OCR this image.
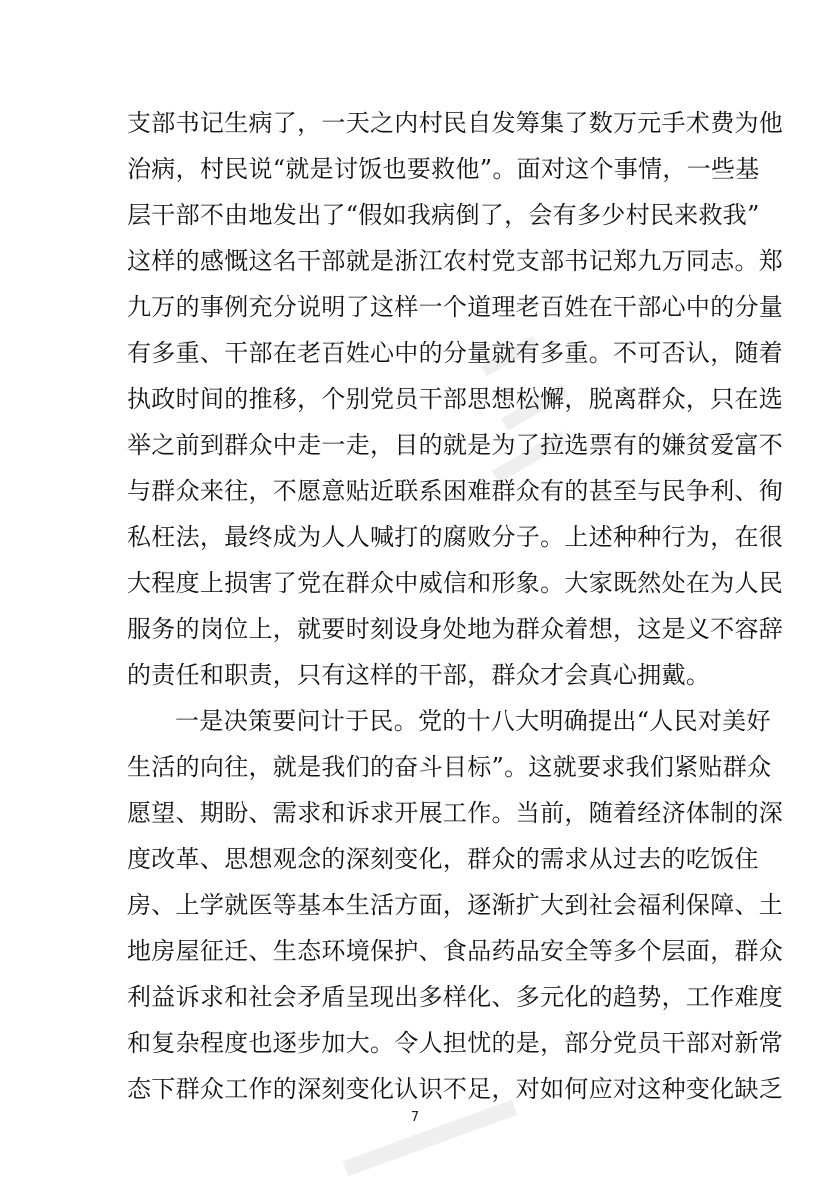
支部书记生病了，一天之内村民自发筹集了数万元手术费为他
治病，村民说“就是讨饭也要救他”。面对这个事情，一些基
层干部不由地发出了“假如我病倒了，会有多少村民来救我”
这样的感慨这名干部就是浙江农村党支部书记郑九万同志。郑
九万的事例充分说明了这样一个道理老百姓在干部心中的分量
有多重、干部在老百姓心中的分量就有多重。不可否认，随着
执政时间的推移，个别党员干部思想松懈，脱离群众，只在选
举之前到群众中走一走，目的就是为了拉选票有的嫌贫爱富不
与群众来往，不愿意贴近联系困难群众有的甚至与民争利、徇
私枉法，最终成为人人喊打的腐败分子。上述种种行为，在很
大程度上损害了党在群众中威信和形象。大家既然处在为人民
服务的岗位上，就要时刻设身处地为群众着想，这是义不容辞
的责任和职责，只有这样的干部，群众才会真心拥戴。
一是决策要问计于民。党的十八大明确提出“人民对美好
生活的向往，就是我们的奋斗目标”。这就要求我们紧贴群众
愿望、期盼、需求和诉求开展工作。当前，随着经济体制的深
度改革、思想观念的深刻变化，群众的需求从过去的吃饭住
房、上学就医等基本生活方面，逐渐扩大到社会福利保障、土
地房屋征迁、生态环境保护、食品药品安全等多个层面，群众
利益诉求和社会矛盾呈现出多样化、多元化的趋势，工作难度
和复杂程度也逐步加大。令人担忧的是，部分党员干部对新常
态下群众工作的深刻变化认识不足，对如何应对这种变化缺乏
7
